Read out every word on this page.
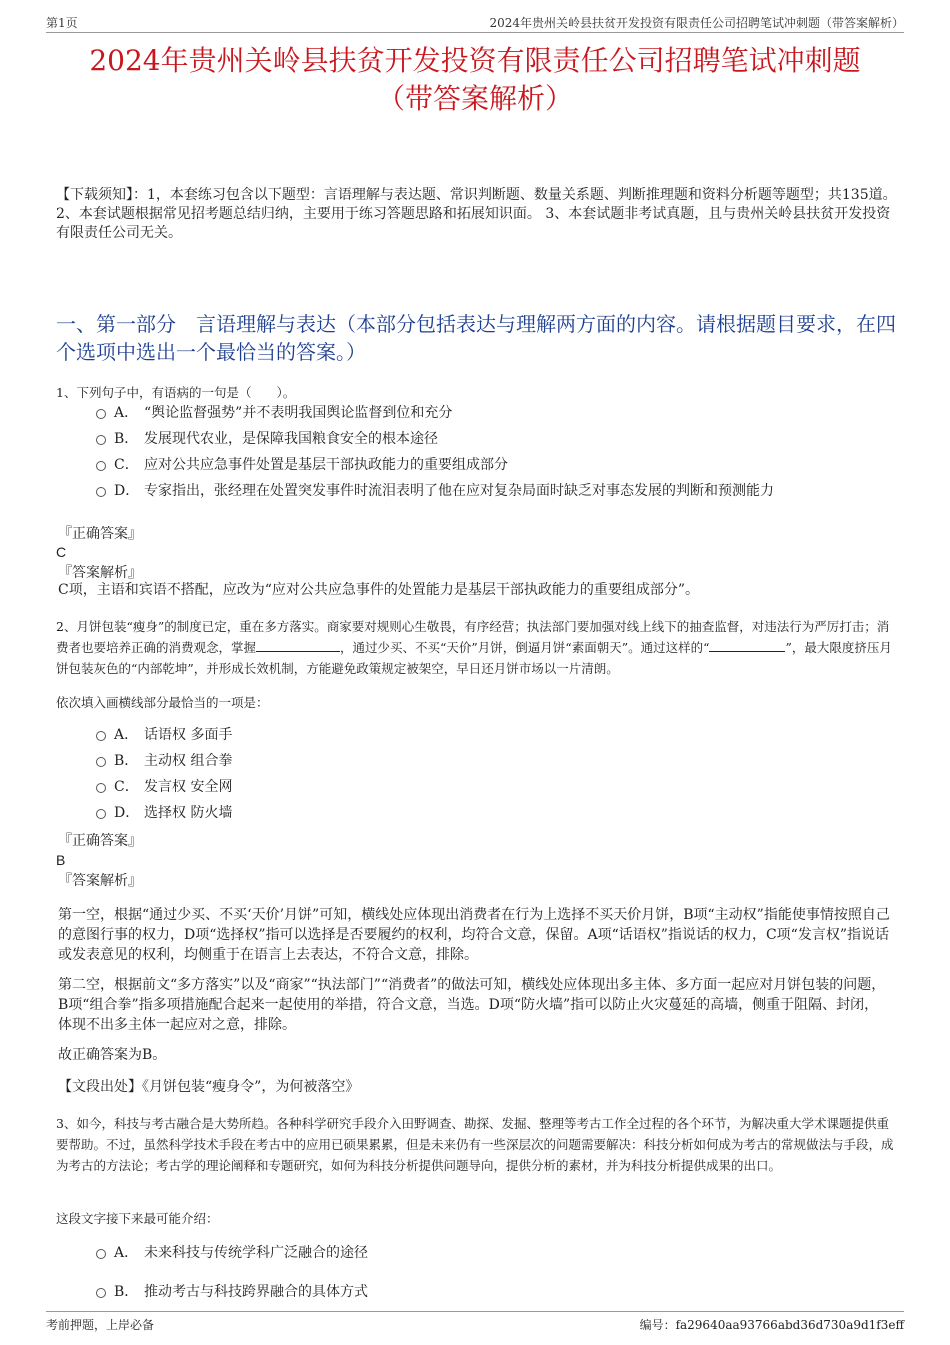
第1页	2024年贵州关岭县扶贫开发投资有限责任公司招聘笔试冲刺题（带答案解析）
2024年贵州关岭县扶贫开发投资有限责任公司招聘笔试冲刺题
（带答案解析）
【下载须知】：1，本套练习包含以下题型：言语理解与表达题、常识判断题、数量关系题、判断推理题和资料分析题等题型；共135道。 2、本套试题根据常见招考题总结归纳，主要用于练习答题思路和拓展知识面。 3、本套试题非考试真题，且与贵州关岭县扶贫开发投资有限责任公司无关。
一、第一部分　言语理解与表达（本部分包括表达与理解两方面的内容。请根据题目要求，在四个选项中选出一个最恰当的答案。）
1、下列句子中，有语病的一句是（　　）。
A． “舆论监督强势”并不表明我国舆论监督到位和充分
B． 发展现代农业，是保障我国粮食安全的根本途径
C． 应对公共应急事件处置是基层干部执政能力的重要组成部分
D． 专家指出，张经理在处置突发事件时流泪表明了他在应对复杂局面时缺乏对事态发展的判断和预测能力
『正确答案』
C
『答案解析』
C项，主语和宾语不搭配，应改为“应对公共应急事件的处置能力是基层干部执政能力的重要组成部分”。
2、月饼包装“瘦身”的制度已定，重在多方落实。商家要对规则心生敬畏，有序经营；执法部门要加强对线上线下的抽查监督，对违法行为严厉打击；消费者也要培养正确的消费观念，掌握	，通过少买、不买“天价”月饼，倒逼月饼“素面朝天”。通过这样的“	”，最大限度挤压月饼包装灰色的“内部乾坤”，并形成长效机制，方能避免政策规定被架空，早日还月饼市场以一片清朗。
依次填入画横线部分最恰当的一项是：
A． 话语权 多面手
B． 主动权 组合拳
C． 发言权 安全网
D． 选择权 防火墙
『正确答案』
B
『答案解析』
第一空，根据“通过少买、不买‘天价’月饼”可知，横线处应体现出消费者在行为上选择不买天价月饼，B项“主动权”指能使事情按照自己的意图行事的权力，D项“选择权”指可以选择是否要履约的权利，均符合文意，保留。A项“话语权”指说话的权力，C项“发言权”指说话或发表意见的权利，均侧重于在语言上去表达，不符合文意，排除。
第二空，根据前文“多方落实”以及“商家”“执法部门”“消费者”的做法可知，横线处应体现出多主体、多方面一起应对月饼包装的问题，B项“组合拳”指多项措施配合起来一起使用的举措，符合文意，当选。D项“防火墙”指可以防止火灾蔓延的高墙，侧重于阻隔、封闭，体现不出多主体一起应对之意，排除。
故正确答案为B。
【文段出处】《月饼包装“瘦身令”，为何被落空》
3、如今，科技与考古融合是大势所趋。各种科学研究手段介入田野调查、勘探、发掘、整理等考古工作全过程的各个环节，为解决重大学术课题提供重要帮助。不过，虽然科学技术手段在考古中的应用已硕果累累，但是未来仍有一些深层次的问题需要解决：科技分析如何成为考古的常规做法与手段，成为考古的方法论；考古学的理论阐释和专题研究，如何为科技分析提供问题导向，提供分析的素材，并为科技分析提供成果的出口。
这段文字接下来最可能介绍：
A． 未来科技与传统学科广泛融合的途径
B． 推动考古与科技跨界融合的具体方式
考前押题，上岸必备	编号：fa29640aa93766abd36d730a9d1f3eff
